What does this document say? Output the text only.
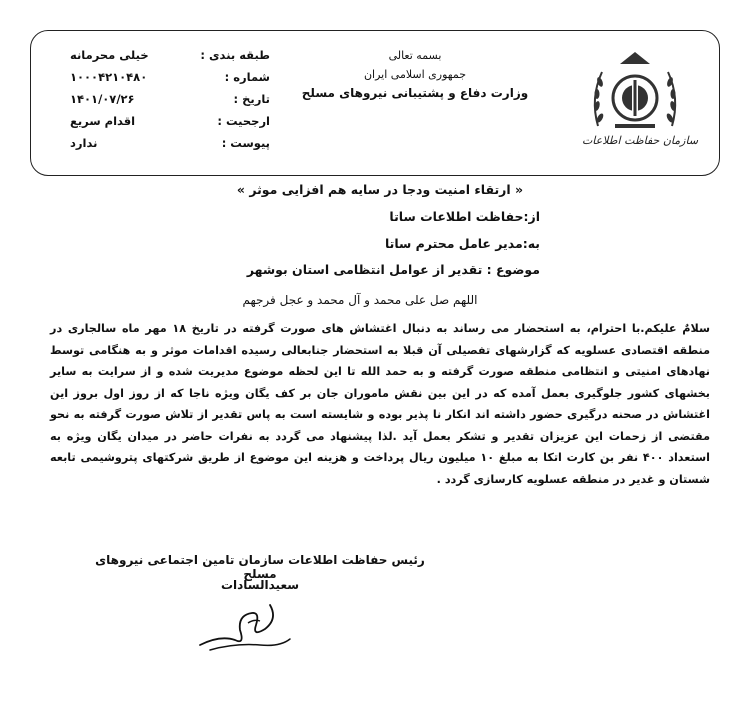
سازمان حفاظت اطلاعات
بسمه تعالی
جمهوری اسلامی ایران
وزارت دفاع و پشتیبانی نیروهای مسلح
طبقه بندی :
خیلی محرمانه
شماره :
۱۰۰۰۴۲۱۰۴۸۰
تاریخ :
۱۴۰۱/۰۷/۲۶
ارجحیت :
اقدام سریع
پیوست :
ندارد
« ارتقاء امنیت ودجا در سایه هم افزایی موثر »
از:حفاظت اطلاعات ساتا
به:مدیر عامل محترم ساتا
موضوع : تقدیر از عوامل انتظامی استان بوشهر
اللهم صل علی محمد و آل محمد و عجل فرجهم
سلامٌ علیکم.با احترام، به استحضار می رساند به دنبال اغتشاش های صورت گرفته در تاریخ ۱۸ مهر ماه سالجاری در منطقه اقتصادی عسلویه که گزارشهای تفصیلی آن قبلا به استحضار جنابعالی رسیده اقدامات موثر و به هنگامی توسط نهادهای امنیتی و انتظامی منطقه صورت گرفته و به حمد الله تا این لحظه موضوع مدیریت شده و از سرایت به سایر بخشهای کشور جلوگیری بعمل آمده که در این بین نقش ماموران جان بر کف یگان ویژه ناجا که از روز اول بروز این اغتشاش در صحنه درگیری حضور داشته اند انکار نا پذیر بوده و شایسته است به پاس تقدیر از تلاش صورت گرفته به نحو مقتضی از زحمات این عزیزان تقدیر و تشکر بعمل آید .لذا پیشنهاد می گردد به نفرات حاضر در میدان یگان ویژه به استعداد ۴۰۰ نفر بن کارت اتکا به مبلغ ۱۰ میلیون ریال پرداخت و هزینه این موضوع از طریق شرکتهای پتروشیمی تابعه شستان و غدیر در منطقه عسلویه کارسازی گردد .
رئیس حفاظت اطلاعات سازمان تامین اجتماعی نیروهای مسلح
سعیدالسادات
